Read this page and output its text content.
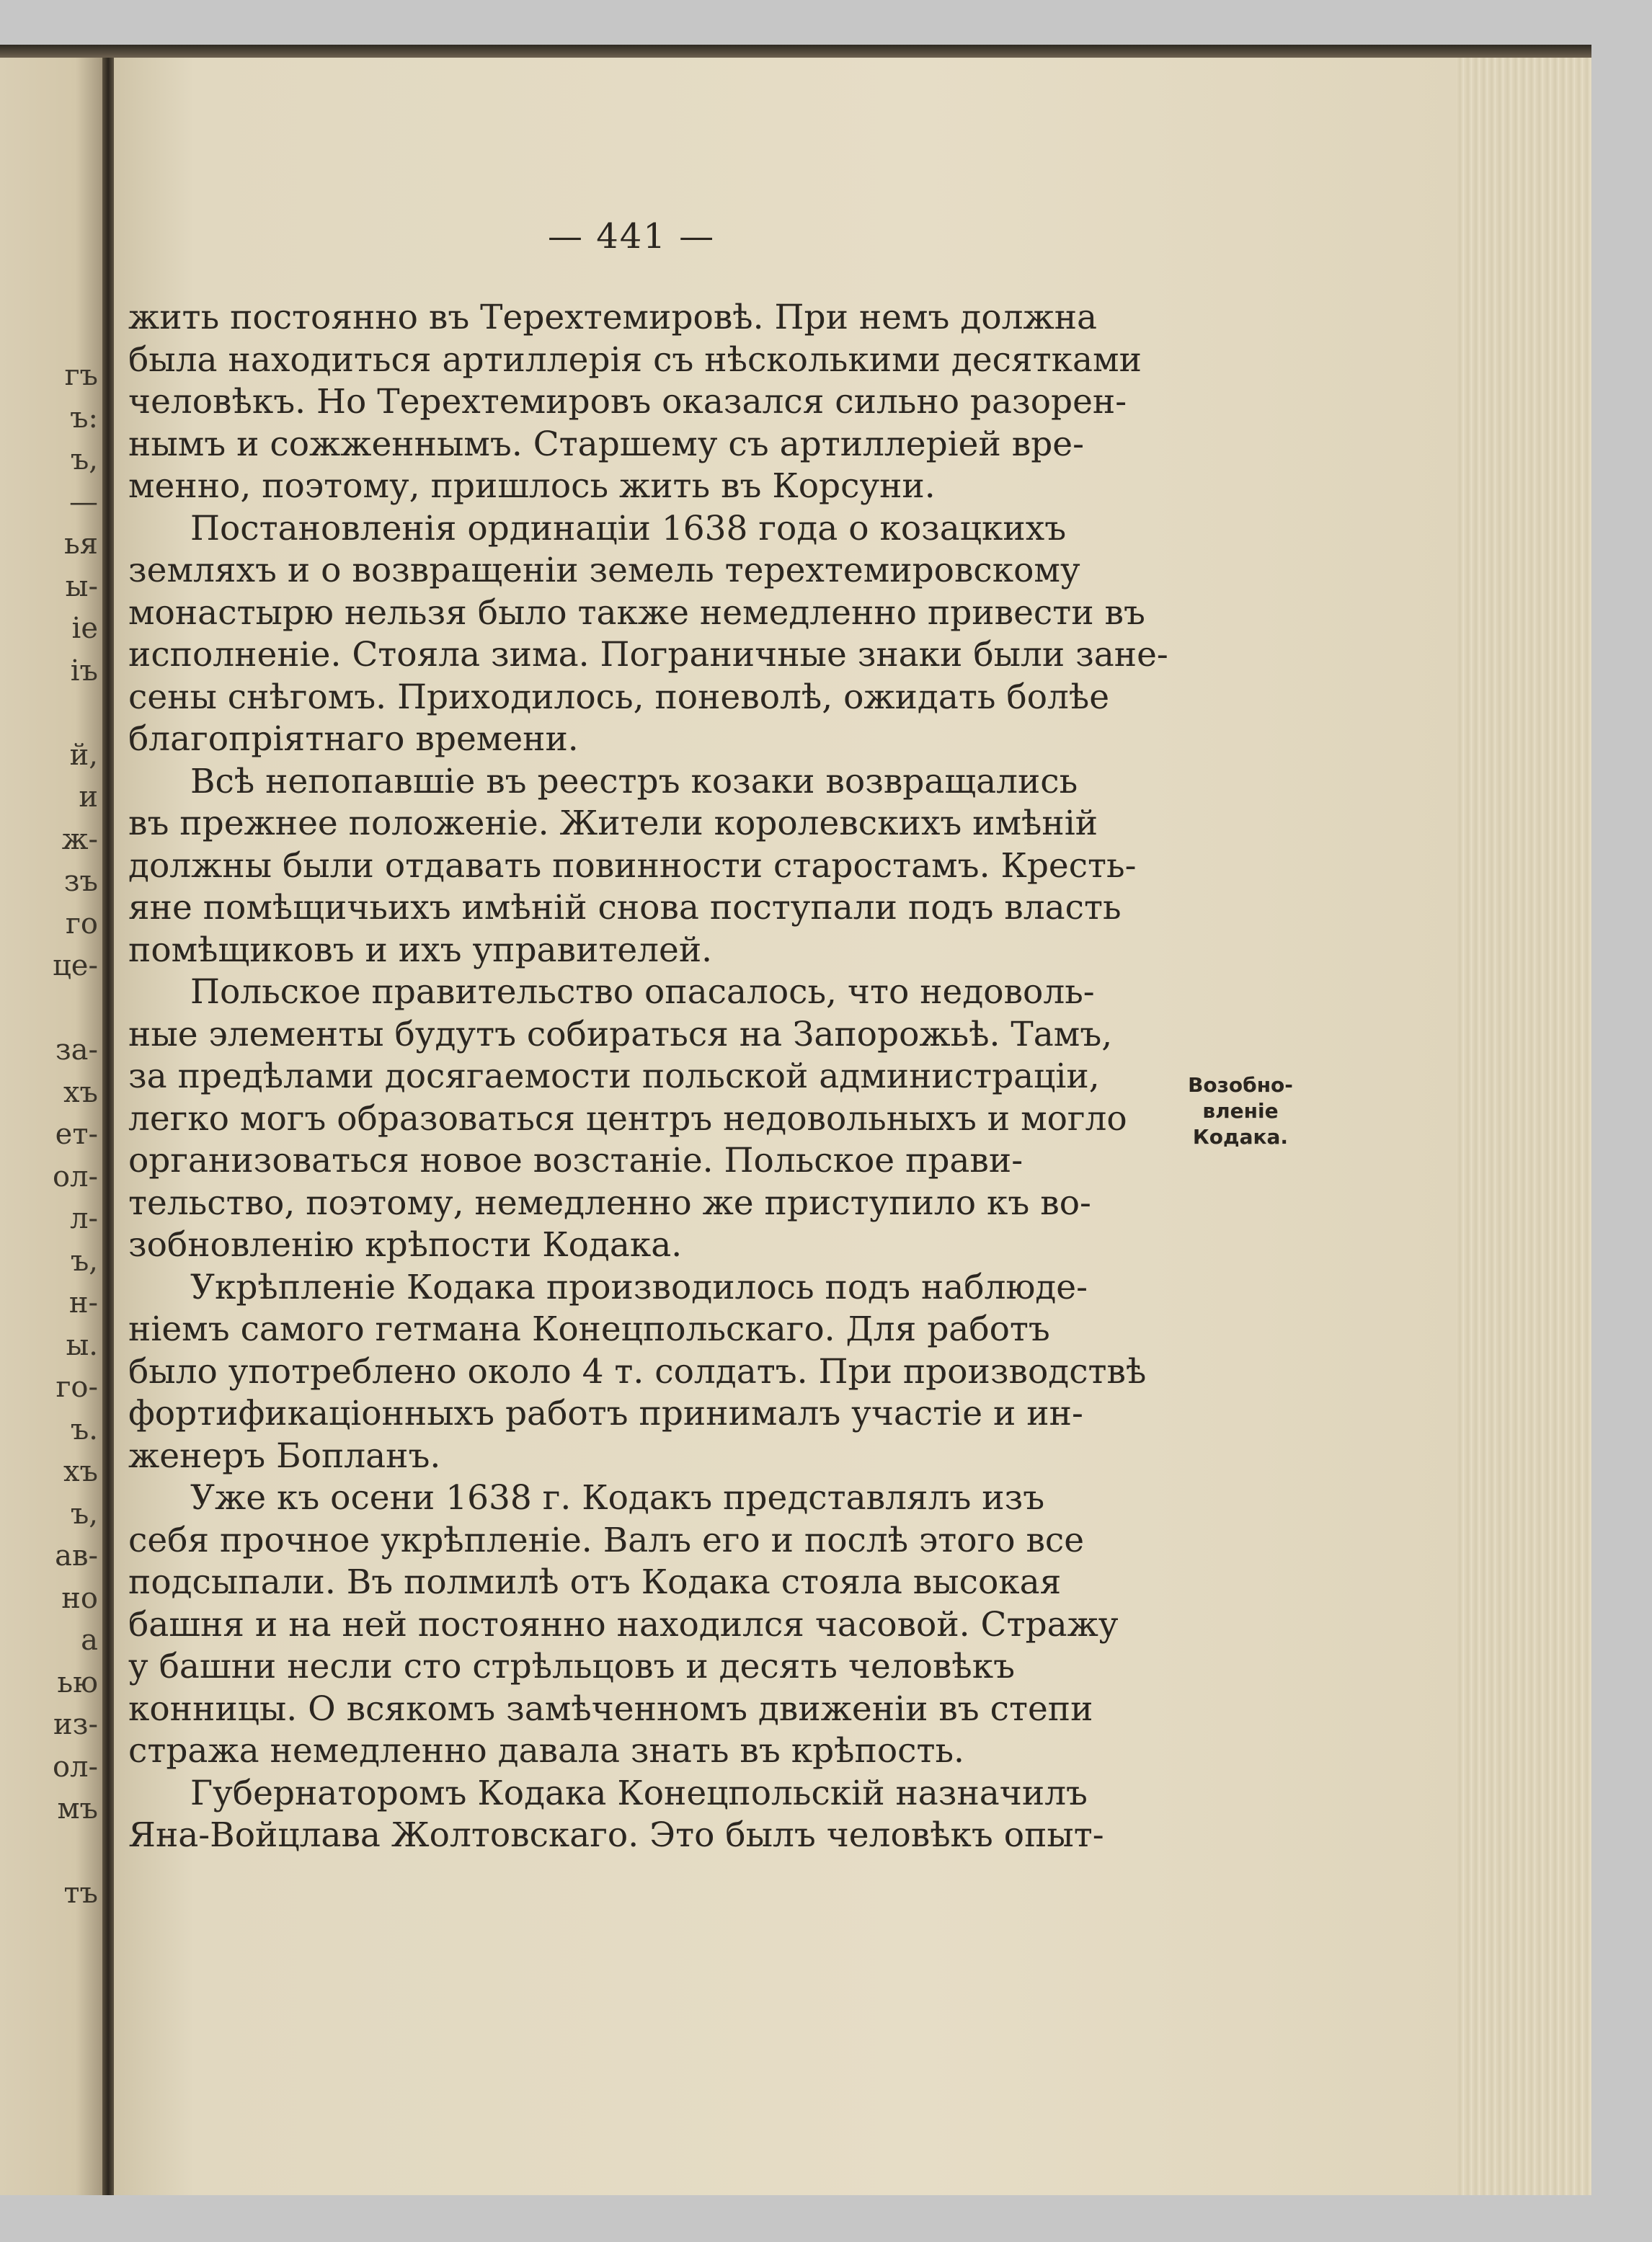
гъ
ъ:
ъ,
—
ья
ы-
іе
іъ
й,
и
ж-
зъ
го
це-
за-
хъ
ет-
ол-
л-
ъ,
н-
ы.
го-
ъ.
хъ
ъ,
ав-
но
а
ью
из-
ол-
мъ
тъ
— 441 —

жить постоянно въ Терехтемировѣ. При немъ должна
была находиться артиллерія съ нѣсколькими десятками
человѣкъ. Но Терехтемировъ оказался сильно разорен-
нымъ и сожженнымъ. Старшему съ артиллеріей вре-
менно, поэтому, пришлось жить въ Корсуни.
Постановленія ординаціи 1638 года о козацкихъ
земляхъ и о возвращеніи земель терехтемировскому
монастырю нельзя было также немедленно привести въ
исполненіе. Стояла зима. Пограничные знаки были зане-
сены снѣгомъ. Приходилось, поневолѣ, ожидать болѣе
благопріятнаго времени.
Всѣ непопавшіе въ реестръ козаки возвращались
въ прежнее положеніе. Жители королевскихъ имѣній
должны были отдавать повинности старостамъ. Кресть-
яне помѣщичьихъ имѣній снова поступали подъ власть
помѣщиковъ и ихъ управителей.
Польское правительство опасалось, что недоволь-
ные элементы будутъ собираться на Запорожьѣ. Тамъ,
за предѣлами досягаемости польской администраціи,
легко могъ образоваться центръ недовольныхъ и могло
организоваться новое возстаніе. Польское прави-
тельство, поэтому, немедленно же приступило къ во-
зобновленію крѣпости Кодака.
Укрѣпленіе Кодака производилось подъ наблюде-
ніемъ самого гетмана Конецпольскаго. Для работъ
было употреблено около 4 т. солдатъ. При производствѣ
фортификаціонныхъ работъ принималъ участіе и ин-
женеръ Бопланъ.
Уже къ осени 1638 г. Кодакъ представлялъ изъ
себя прочное укрѣпленіе. Валъ его и послѣ этого все
подсыпали. Въ полмилѣ отъ Кодака стояла высокая
башня и на ней постоянно находился часовой. Стражу
у башни несли сто стрѣльцовъ и десять человѣкъ
конницы. О всякомъ замѣченномъ движеніи въ степи
стража немедленно давала знать въ крѣпость.
Губернаторомъ Кодака Конецпольскій назначилъ
Яна-Войцлава Жолтовскаго. Это былъ человѣкъ опыт-

Возобно-
вленіе
Кодака.
